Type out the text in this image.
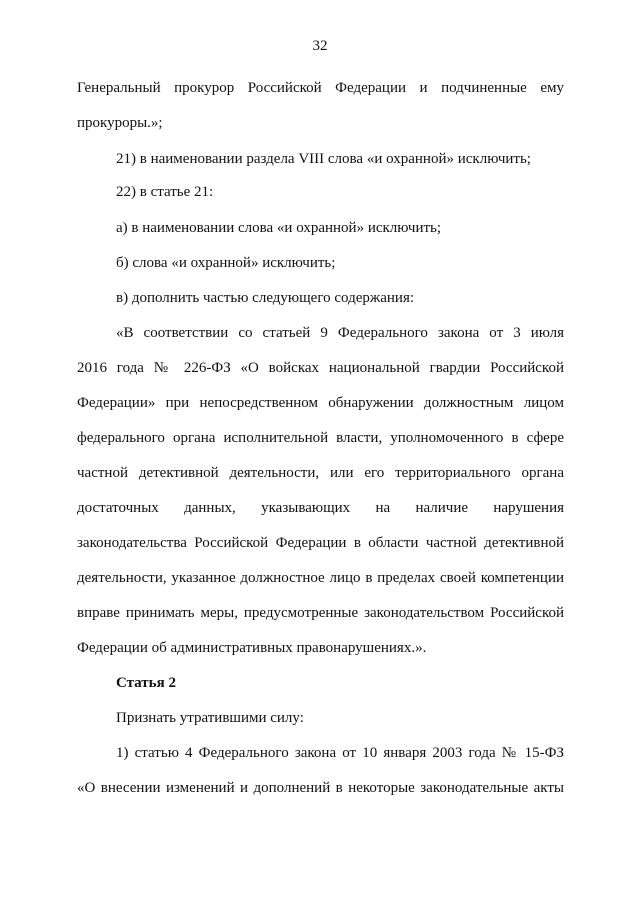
32
Генеральный прокурор Российской Федерации и подчиненные ему
прокуроры.»;
21) в наименовании раздела VIII слова «и охранной» исключить;
22) в статье 21:
а) в наименовании слова «и охранной» исключить;
б) слова «и охранной» исключить;
в) дополнить частью следующего содержания:
«В соответствии со статьей 9 Федерального закона от 3 июля
2016 года № 226-ФЗ «О войсках национальной гвардии Российской
Федерации» при непосредственном обнаружении должностным лицом
федерального органа исполнительной власти, уполномоченного в сфере
частной детективной деятельности, или его территориального органа
достаточных данных, указывающих на наличие нарушения
законодательства Российской Федерации в области частной детективной
деятельности, указанное должностное лицо в пределах своей компетенции
вправе принимать меры, предусмотренные законодательством Российской
Федерации об административных правонарушениях.».
Статья 2
Признать утратившими силу:
1) статью 4 Федерального закона от 10 января 2003 года № 15-ФЗ
«О внесении изменений и дополнений в некоторые законодательные акты
